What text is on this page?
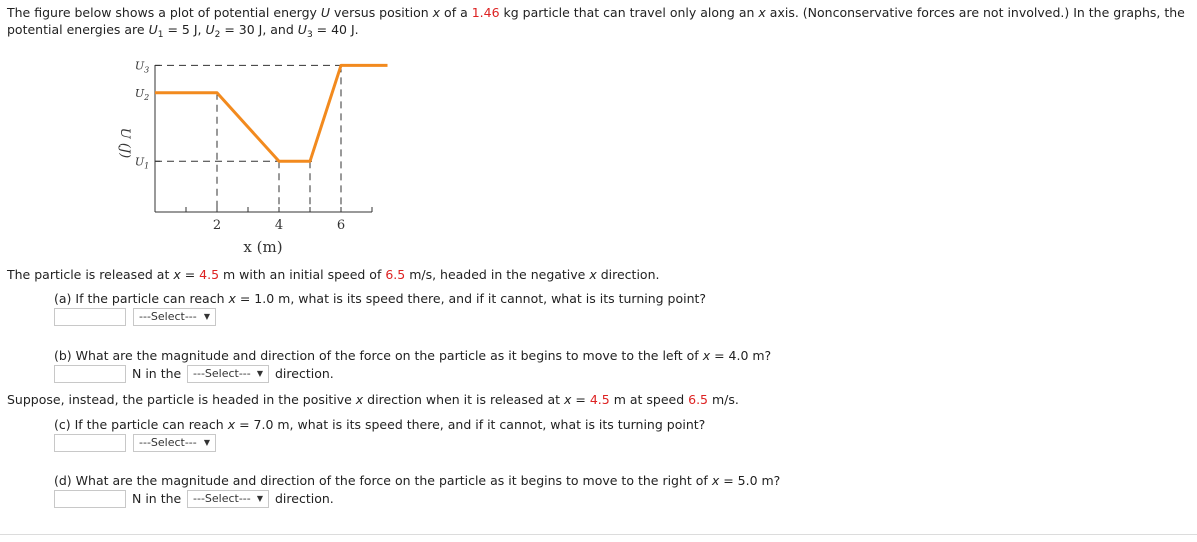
The figure below shows a plot of potential energy U versus position x of a 1.46 kg particle that can travel only along an x axis. (Nonconservative forces are not involved.) In the graphs, the
potential energies are $U_1 = 5$ J, $U_2 = 30$ J, and $U_3 = 40$ J.
U (J)
$U_3$
$U_2$
$U_1$
2	4	6
x (m)
The particle is released at x = 4.5 m with an initial speed of 6.5 m/s, headed in the negative x direction.
(a) If the particle can reach x = 1.0 m, what is its speed there, and if it cannot, what is its turning point?
---Select--- ▼
(b) What are the magnitude and direction of the force on the particle as it begins to move to the left of x = 4.0 m?
N in the	---Select--- ▼ direction.
Suppose, instead, the particle is headed in the positive x direction when it is released at x = 4.5 m at speed 6.5 m/s.
(c) If the particle can reach x = 7.0 m, what is its speed there, and if it cannot, what is its turning point?
---Select--- ▼
(d) What are the magnitude and direction of the force on the particle as it begins to move to the right of x = 5.0 m?
N in the	---Select--- ▼ direction.
